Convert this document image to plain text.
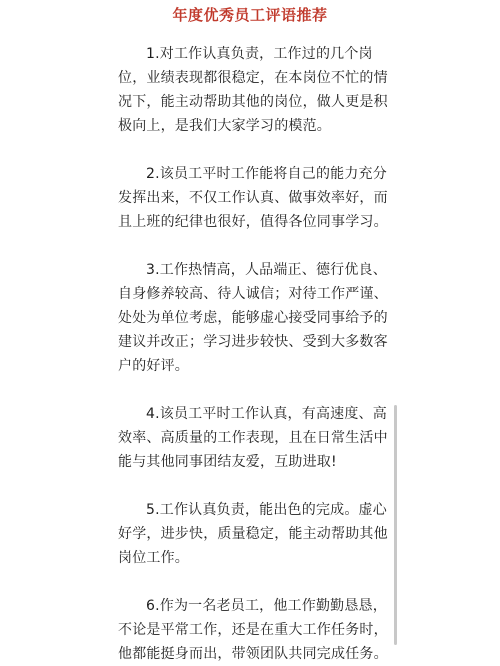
年度优秀员工评语推荐
1.对工作认真负责，工作过的几个岗
位，业绩表现都很稳定，在本岗位不忙的情
况下，能主动帮助其他的岗位，做人更是积
极向上，是我们大家学习的模范。
2.该员工平时工作能将自己的能力充分
发挥出来，不仅工作认真、做事效率好，而
且上班的纪律也很好，值得各位同事学习。
3.工作热情高，人品端正、德行优良、
自身修养较高、待人诚信；对待工作严谨、
处处为单位考虑，能够虚心接受同事给予的
建议并改正；学习进步较快、受到大多数客
户的好评。
4.该员工平时工作认真，有高速度、高
效率、高质量的工作表现，且在日常生活中
能与其他同事团结友爱，互助进取!
5.工作认真负责，能出色的完成。虚心
好学，进步快，质量稳定，能主动帮助其他
岗位工作。
6.作为一名老员工，他工作勤勤恳恳，
不论是平常工作，还是在重大工作任务时，
他都能挺身而出，带领团队共同完成任务。
